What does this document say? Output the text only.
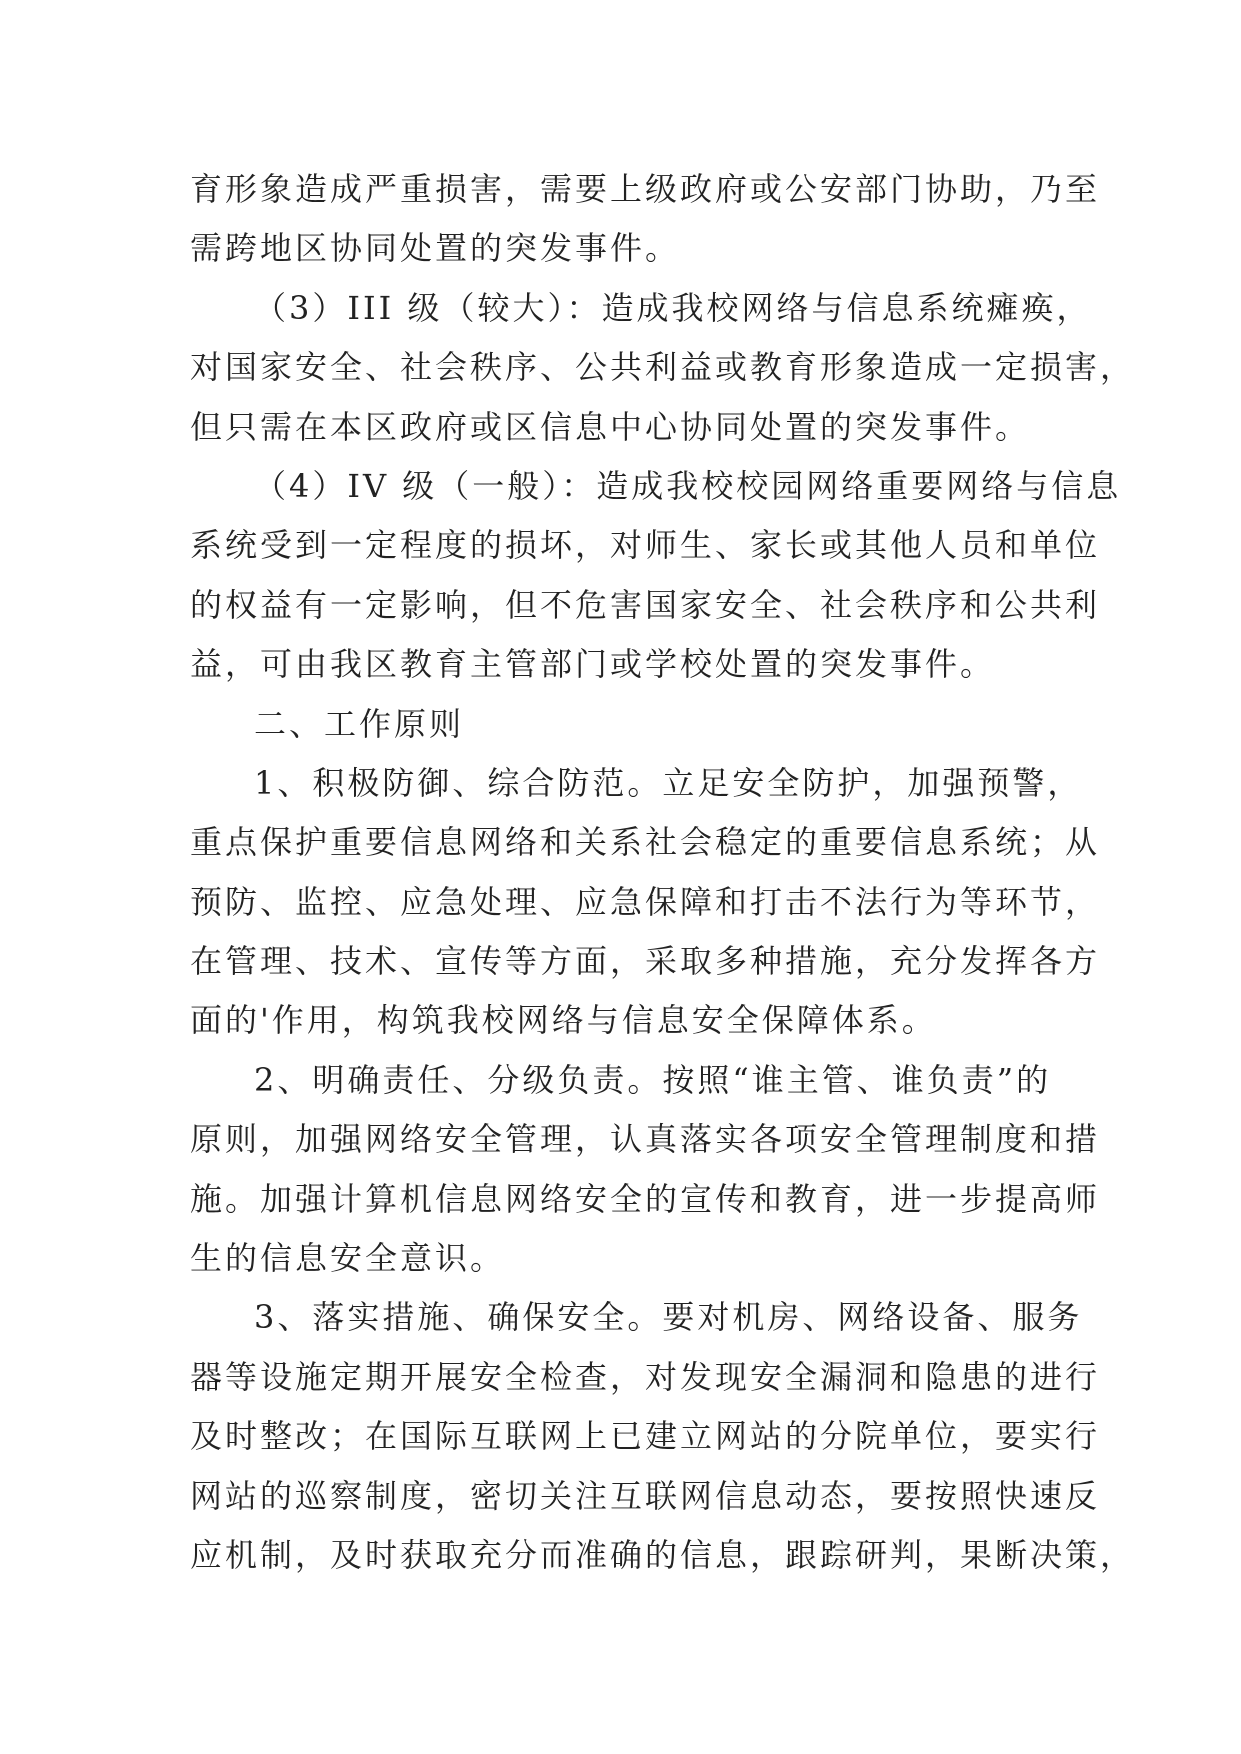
育形象造成严重损害，需要上级政府或公安部门协助，乃至
需跨地区协同处置的突发事件。
（3）III 级（较大）：造成我校网络与信息系统瘫痪，
对国家安全、社会秩序、公共利益或教育形象造成一定损害，
但只需在本区政府或区信息中心协同处置的突发事件。
（4）IV 级（一般）：造成我校校园网络重要网络与信息
系统受到一定程度的损坏，对师生、家长或其他人员和单位
的权益有一定影响，但不危害国家安全、社会秩序和公共利
益，可由我区教育主管部门或学校处置的突发事件。
二、工作原则
1、积极防御、综合防范。立足安全防护，加强预警，
重点保护重要信息网络和关系社会稳定的重要信息系统；从
预防、监控、应急处理、应急保障和打击不法行为等环节，
在管理、技术、宣传等方面，采取多种措施，充分发挥各方
面的'作用，构筑我校网络与信息安全保障体系。
2、明确责任、分级负责。按照“谁主管、谁负责”的
原则，加强网络安全管理，认真落实各项安全管理制度和措
施。加强计算机信息网络安全的宣传和教育，进一步提高师
生的信息安全意识。
3、落实措施、确保安全。要对机房、网络设备、服务
器等设施定期开展安全检查，对发现安全漏洞和隐患的进行
及时整改；在国际互联网上已建立网站的分院单位，要实行
网站的巡察制度，密切关注互联网信息动态，要按照快速反
应机制，及时获取充分而准确的信息，跟踪研判，果断决策，
